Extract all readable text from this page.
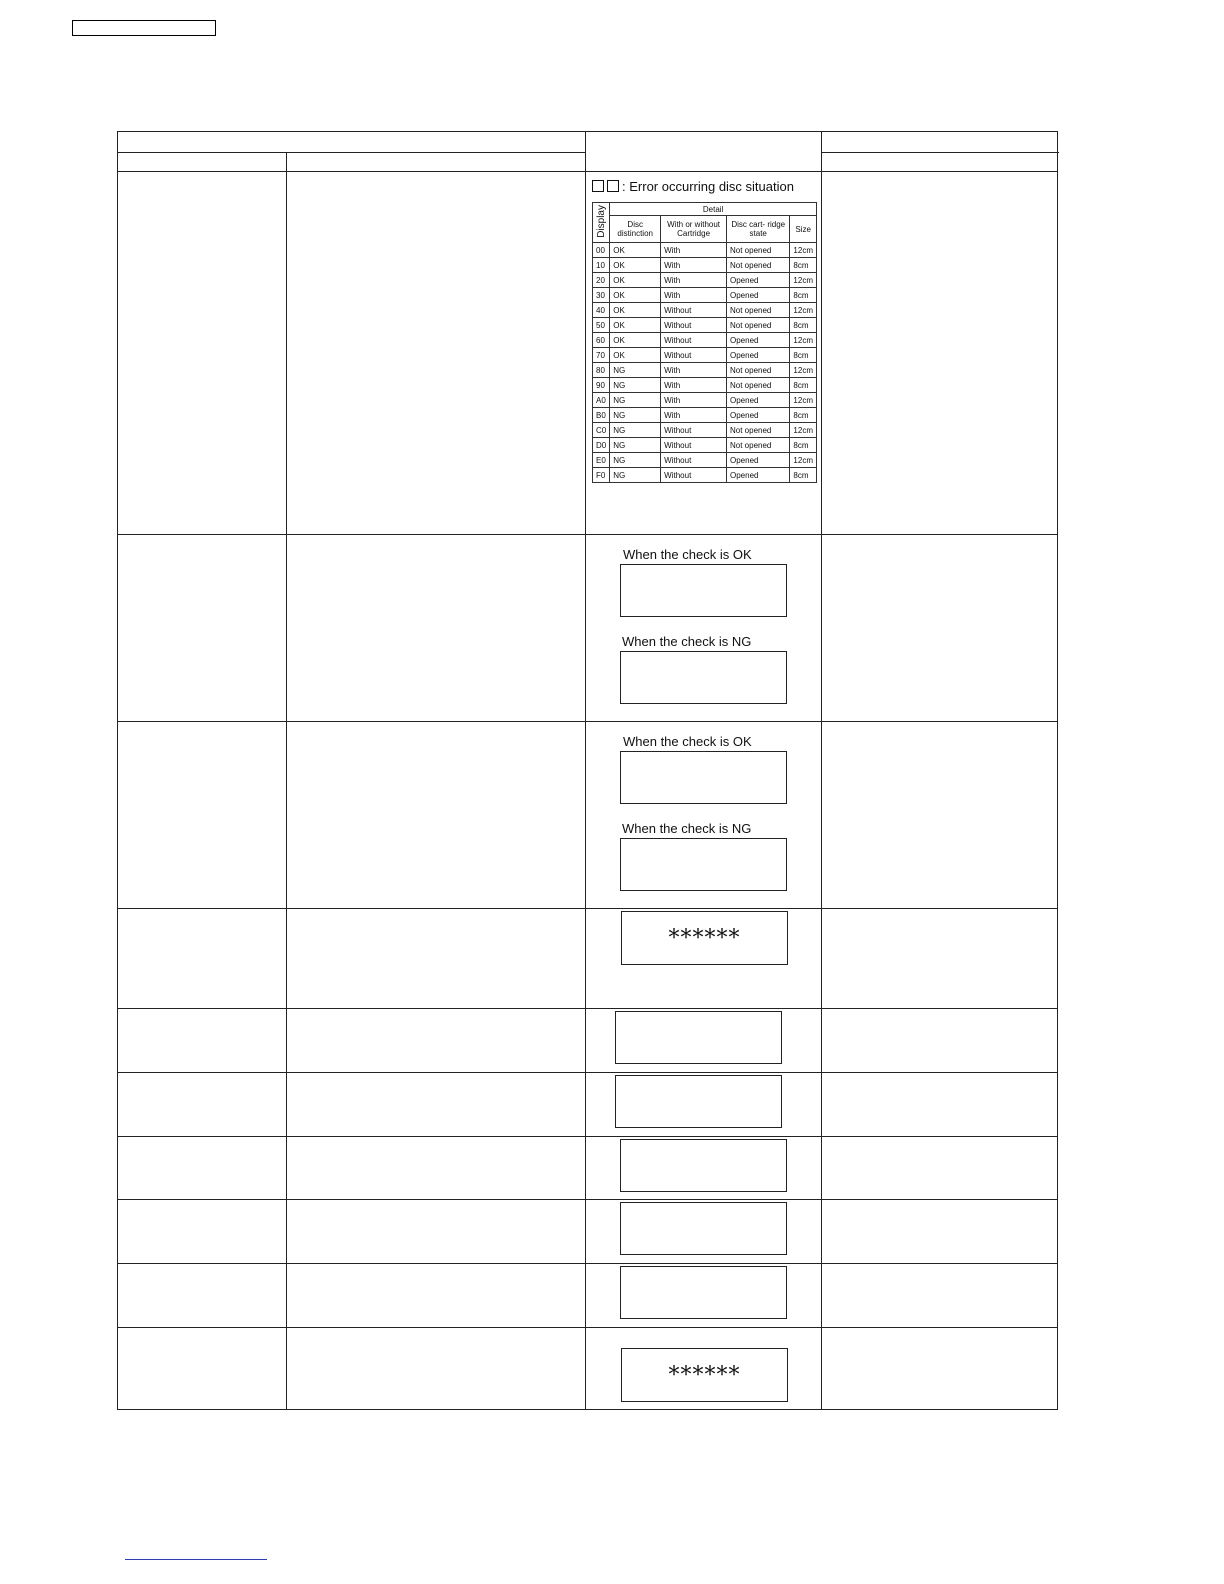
: Error occurring disc situation
Display	Detail			
	Disc distinction	With or without Cartridge	Disc cart- ridge state	Size
00	OK	With	Not opened	12cm
10	OK	With	Not opened	8cm
20	OK	With	Opened	12cm
30	OK	With	Opened	8cm
40	OK	Without	Not opened	12cm
50	OK	Without	Not opened	8cm
60	OK	Without	Opened	12cm
70	OK	Without	Opened	8cm
80	NG	With	Not opened	12cm
90	NG	With	Not opened	8cm
A0	NG	With	Opened	12cm
B0	NG	With	Opened	8cm
C0	NG	Without	Not opened	12cm
D0	NG	Without	Not opened	8cm
E0	NG	Without	Opened	12cm
F0	NG	Without	Opened	8cm
When the check is OK
When the check is NG
When the check is OK
When the check is NG
******
******
